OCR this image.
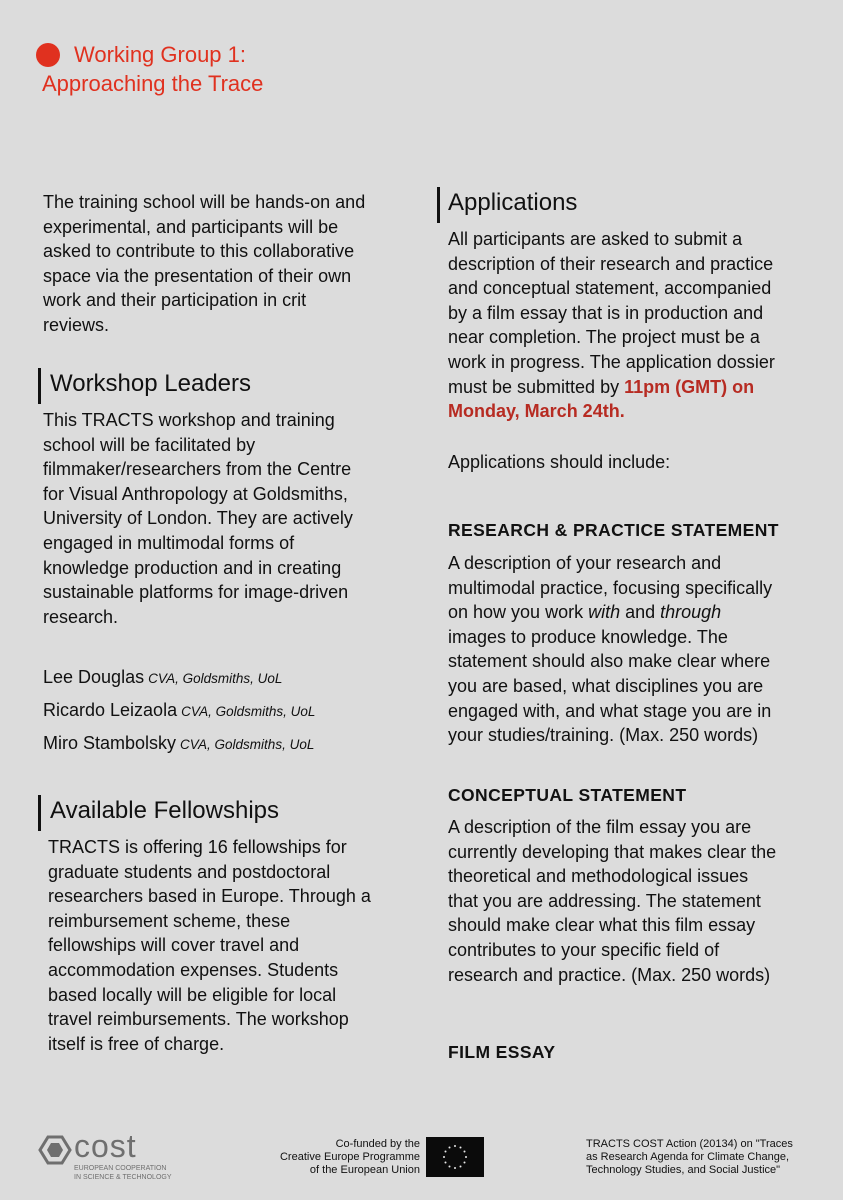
Working Group 1:
Approaching the Trace
The training school will be hands-on and
experimental, and participants will be
asked to contribute to this collaborative
space via the presentation of their own
work and their participation in crit
reviews.
Workshop Leaders
This TRACTS workshop and training
school will be facilitated by
filmmaker/researchers from the Centre
for Visual Anthropology at Goldsmiths,
University of London. They are actively
engaged in multimodal forms of
knowledge production and in creating
sustainable platforms for image-driven
research.
Lee Douglas CVA, Goldsmiths, UoL
Ricardo Leizaola CVA, Goldsmiths, UoL
Miro Stambolsky CVA, Goldsmiths, UoL
Available Fellowships
TRACTS is offering 16 fellowships for
graduate students and postdoctoral
researchers based in Europe. Through a
reimbursement scheme, these
fellowships will cover travel and
accommodation expenses. Students
based locally will be eligible for local
travel reimbursements. The workshop
itself is free of charge.
Applications
All participants are asked to submit a
description of their research and practice
and conceptual statement, accompanied
by a film essay that is in production and
near completion. The project must be a
work in progress. The application dossier
must be submitted by 11pm (GMT) on
Monday, March 24th.
Applications should include:
RESEARCH & PRACTICE STATEMENT
A description of your research and
multimodal practice, focusing specifically
on how you work with and through
images to produce knowledge. The
statement should also make clear where
you are based, what disciplines you are
engaged with, and what stage you are in
your studies/training. (Max. 250 words)
CONCEPTUAL STATEMENT
A description of the film essay you are
currently developing that makes clear the
theoretical and methodological issues
that you are addressing. The statement
should make clear what this film essay
contributes to your specific field of
research and practice. (Max. 250 words)
FILM ESSAY
cost
EUROPEAN COOPERATION
IN SCIENCE & TECHNOLOGY
Co-funded by the
Creative Europe Programme
of the European Union
TRACTS COST Action (20134) on "Traces
as Research Agenda for Climate Change,
Technology Studies, and Social Justice"
